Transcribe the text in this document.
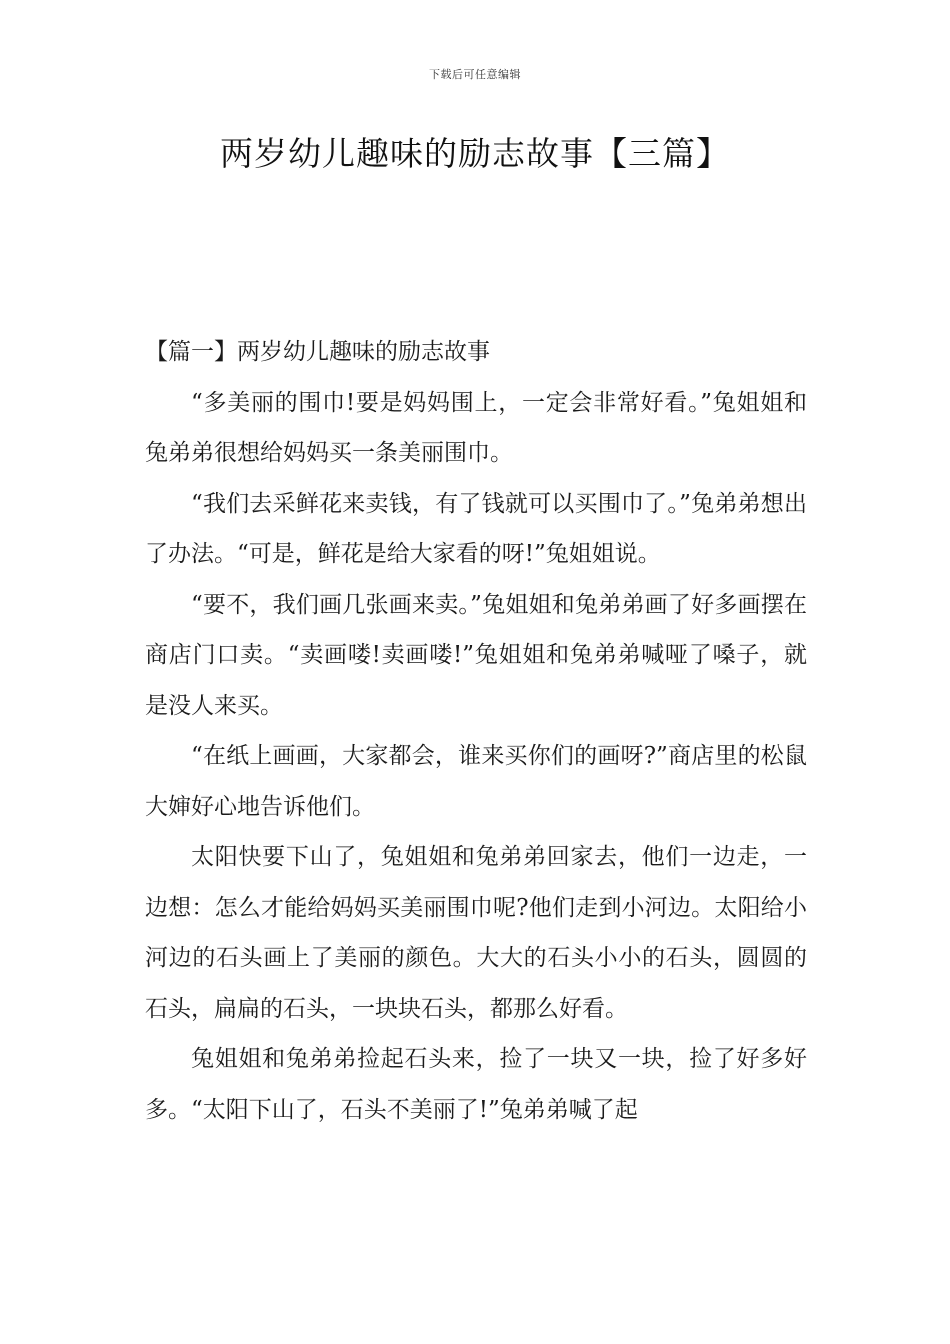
下载后可任意编辑
两岁幼儿趣味的励志故事【三篇】
【篇一】两岁幼儿趣味的励志故事

“多美丽的围巾!要是妈妈围上，一定会非常好看。”兔姐姐和兔弟弟很想给妈妈买一条美丽围巾。

“我们去采鲜花来卖钱，有了钱就可以买围巾了。”兔弟弟想出了办法。“可是，鲜花是给大家看的呀!”兔姐姐说。

“要不，我们画几张画来卖。”兔姐姐和兔弟弟画了好多画摆在商店门口卖。“卖画喽!卖画喽!”兔姐姐和兔弟弟喊哑了嗓子，就是没人来买。

“在纸上画画，大家都会，谁来买你们的画呀?”商店里的松鼠大婶好心地告诉他们。

太阳快要下山了，兔姐姐和兔弟弟回家去，他们一边走，一边想：怎么才能给妈妈买美丽围巾呢?他们走到小河边。太阳给小河边的石头画上了美丽的颜色。大大的石头小小的石头，圆圆的石头，扁扁的石头，一块块石头，都那么好看。

兔姐姐和兔弟弟捡起石头来，捡了一块又一块，捡了好多好多。“太阳下山了，石头不美丽了!”兔弟弟喊了起
